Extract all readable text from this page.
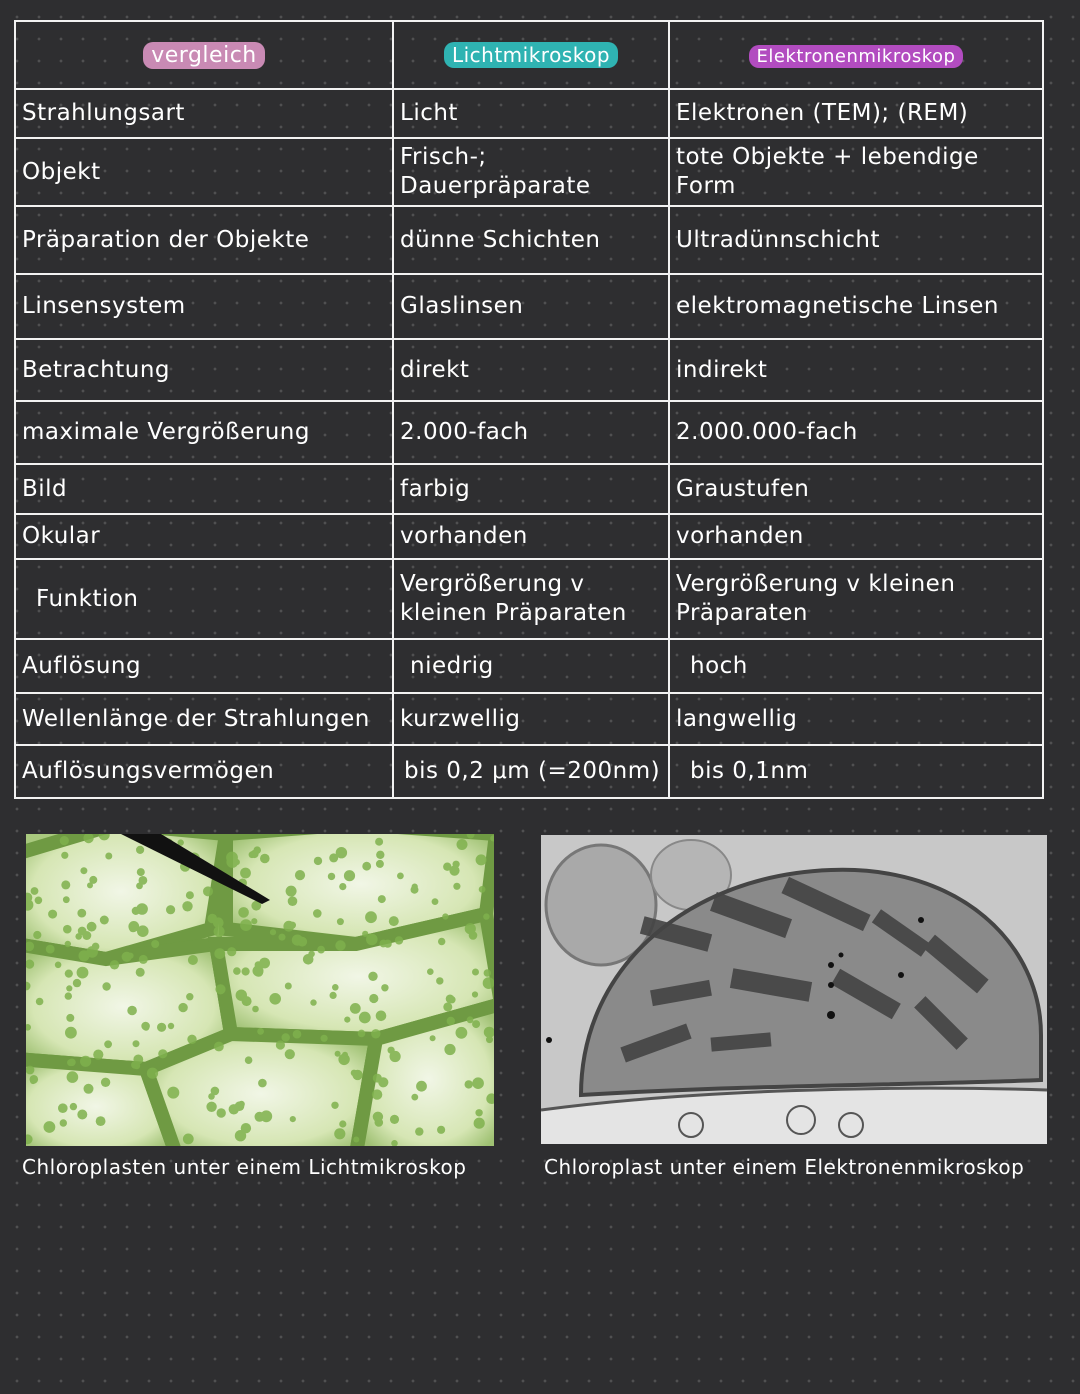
vergleich	Lichtmikroskop	Elektronenmikroskop
Strahlungsart	Licht	Elektronen (TEM); (REM)
Objekt	Frisch-; Dauerpräparate	tote Objekte + lebendige Form
Präparation der Objekte	dünne Schichten	Ultradünnschicht
Linsensystem	Glaslinsen	elektromagnetische Linsen
Betrachtung	direkt	indirekt
maximale Vergrößerung	2.000-fach	2.000.000-fach
Bild	farbig	Graustufen
Okular	vorhanden	vorhanden
Funktion	Vergrößerung v kleinen Präparaten	Vergrößerung v kleinen Präparaten
Auflösung	niedrig	hoch
Wellenlänge der Strahlungen	kurzwellig	langwellig
Auflösungsvermögen	bis 0,2 μm (=200nm)	bis 0,1nm
Chloroplasten unter einem Lichtmikroskop	Chloroplast unter einem Elektronenmikroskop
